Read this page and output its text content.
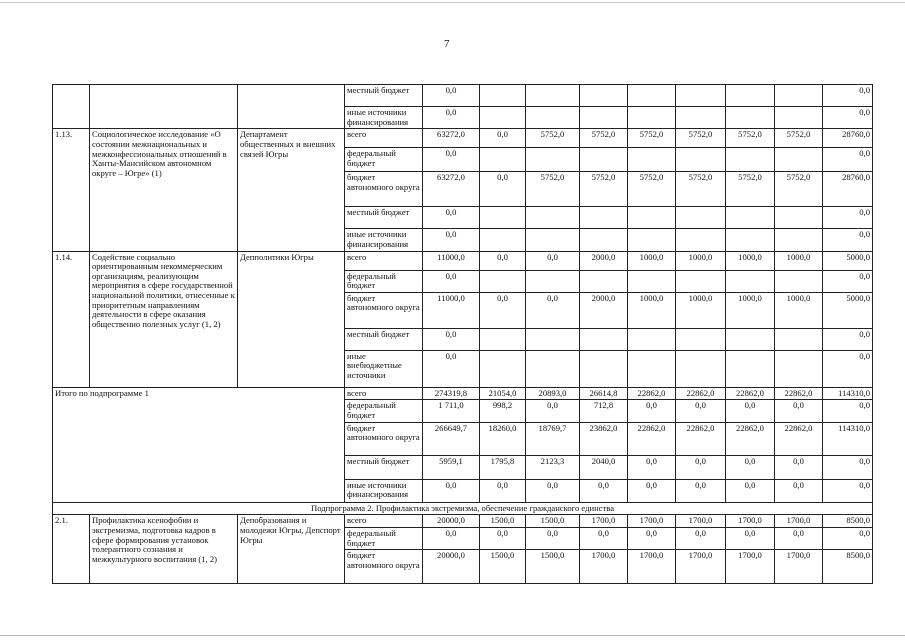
7
			местный бюджет	0,0								0,0
			иные источники финансирования	0,0								0,0
1.13.	Социологическое исследование «О состоянии межнациональных и межконфессиональных отношений в Ханты-Мансийском автономном округе – Югре» (1)	Департамент общественных и внешних связей Югры	всего	63272,0	0,0	5752,0	5752,0	5752,0	5752,0	5752,0	5752,0	28760,0
			федеральный бюджет	0,0								0,0
			бюджет автономного округа	63272,0	0,0	5752,0	5752,0	5752,0	5752,0	5752,0	5752,0	28760,0
			местный бюджет	0,0								0,0
			иные источники финансирования	0,0								0,0
1.14.	Содействие социально ориентированным некоммерческим организациям, реализующим мероприятия в сфере государственной национальной политики, отнесенные к приоритетным направлениям деятельности в сфере оказания общественно полезных услуг (1, 2)	Депполитики Югры	всего	11000,0	0,0	0,0	2000,0	1000,0	1000,0	1000,0	1000,0	5000,0
			федеральный бюджет	0,0								0,0
			бюджет автономного округа	11000,0	0,0	0,0	2000,0	1000,0	1000,0	1000,0	1000,0	5000,0
			местный бюджет	0,0								0,0
			иные внебюджетные источники	0,0								0,0
Итого по подпрограмме 1			всего	274319,8	21054,0	20893,0	26614,8	22862,0	22862,0	22862,0	22862,0	114310,0
			федеральный бюджет	1 711,0	998,2	0,0	712,8	0,0	0,0	0,0	0,0	0,0
			бюджет автономного округа	266649,7	18260,0	18769,7	23862,0	22862,0	22862,0	22862,0	22862,0	114310,0
			местный бюджет	5959,1	1795,8	2123,3	2040,0	0,0	0,0	0,0	0,0	0,0
			иные источники финансирования	0,0	0,0	0,0	0,0	0,0	0,0	0,0	0,0	0,0
Подпрограмма 2. Профилактика экстремизма, обеспечение гражданского единства												
2.1.	Профилактика ксенофобии и экстремизма, подготовка кадров в сфере формирования установок толерантного сознания и межкультурного воспитания (1, 2)	Депобразования и молодежи Югры, Депспорт Югры	всего	20000,0	1500,0	1500,0	1700,0	1700,0	1700,0	1700,0	1700,0	8500,0
			федеральный бюджет	0,0	0,0	0,0	0,0	0,0	0,0	0,0	0,0	0,0
			бюджет автономного округа	20000,0	1500,0	1500,0	1700,0	1700,0	1700,0	1700,0	1700,0	8500,0
